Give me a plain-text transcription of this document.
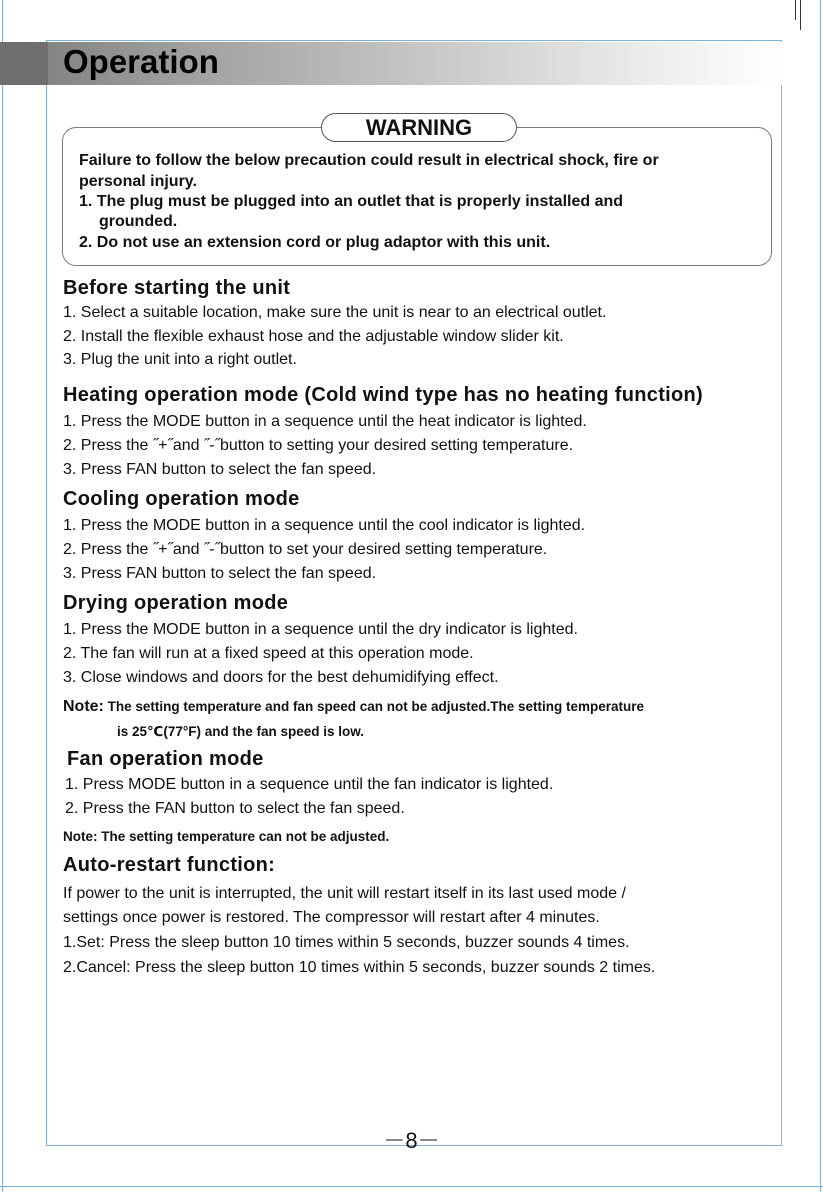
Operation
WARNING
Failure to follow the below precaution could result in electrical shock, fire or
personal injury.
1. The plug must be plugged into an outlet that is properly installed and
grounded.
2. Do not use an extension cord or plug adaptor with this unit.
Before starting the unit
1. Select a suitable location, make sure the unit is near to an electrical outlet.
2. Install the flexible exhaust hose and the adjustable window slider kit.
3. Plug the unit into a right outlet.
Heating operation mode (Cold wind type has no heating function)
1. Press the MODE button in a sequence until the heat indicator is lighted.
2. Press the ˝+˝and ˝-˝button to setting your desired setting temperature.
3. Press FAN button to select the fan speed.
Cooling operation mode
1. Press the MODE button in a sequence until the cool indicator is lighted.
2. Press the ˝+˝and ˝-˝button to set your desired setting temperature.
3. Press FAN button to select the fan speed.
Drying operation mode
1. Press the MODE button in a sequence until the dry indicator is lighted.
2. The fan will run at a fixed speed at this operation mode.
3. Close windows and doors for the best dehumidifying effect.
Note: The setting temperature and fan speed can not be adjusted.The setting temperature
is 25℃(77°F) and the fan speed is low.
Fan operation mode
1. Press MODE button in a sequence until the fan indicator is lighted.
2. Press the FAN button to select the fan speed.
Note: The setting temperature can not be adjusted.
Auto-restart function:
If power to the unit is interrupted, the unit will restart itself in its last used mode /
settings once power is restored. The compressor will restart after 4 minutes.
1.Set: Press the sleep button 10 times within 5 seconds, buzzer sounds 4 times.
2.Cancel: Press the sleep button 10 times within 5 seconds, buzzer sounds 2 times.
－8－
